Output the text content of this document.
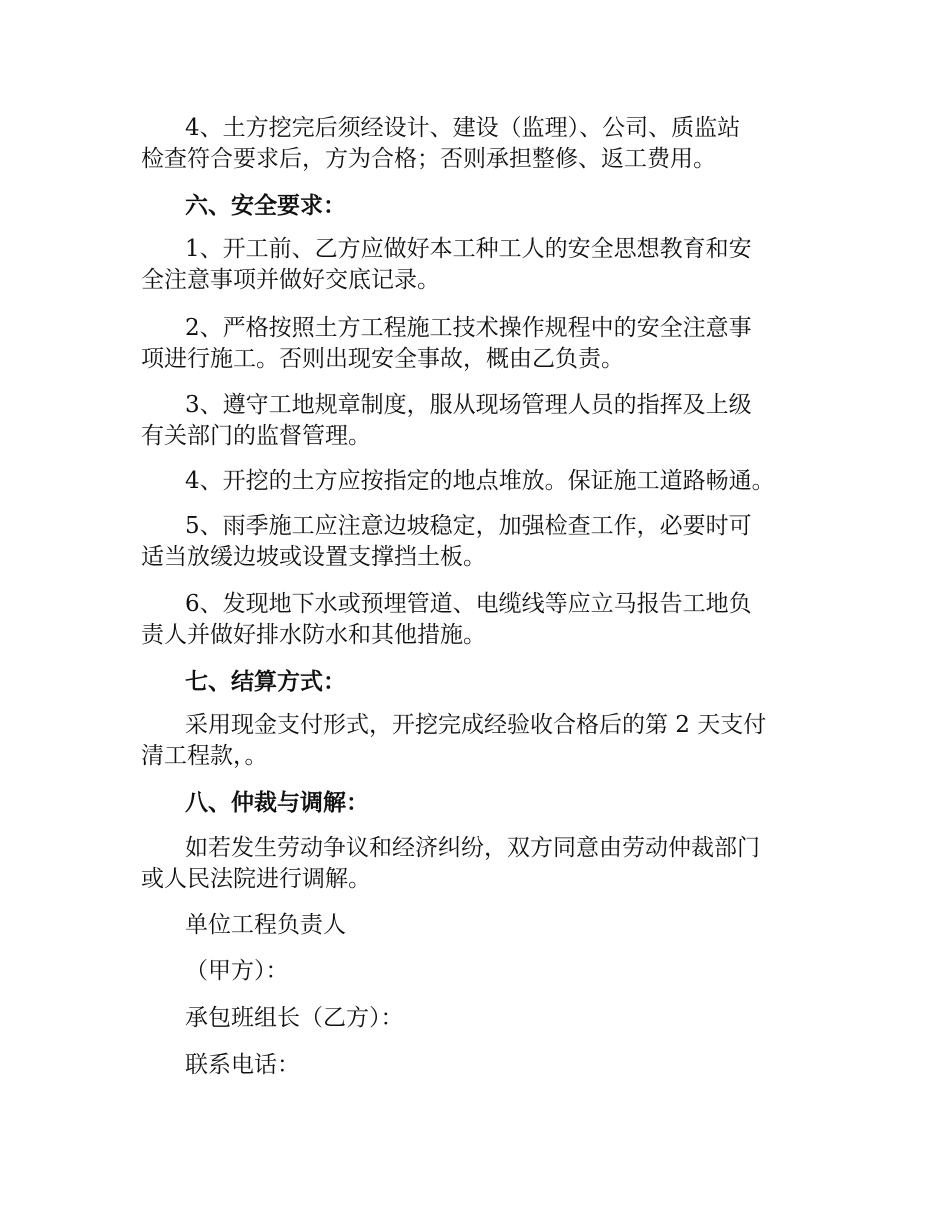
4、土方挖完后须经设计、建设（监理）、公司、质监站
检查符合要求后，方为合格；否则承担整修、返工费用。

六、安全要求：

1、开工前、乙方应做好本工种工人的安全思想教育和安
全注意事项并做好交底记录。

2、严格按照土方工程施工技术操作规程中的安全注意事
项进行施工。否则出现安全事故，概由乙负责。

3、遵守工地规章制度，服从现场管理人员的指挥及上级
有关部门的监督管理。

4、开挖的土方应按指定的地点堆放。保证施工道路畅通。

5、雨季施工应注意边坡稳定，加强检查工作，必要时可
适当放缓边坡或设置支撑挡土板。

6、发现地下水或预埋管道、电缆线等应立马报告工地负
责人并做好排水防水和其他措施。

七、结算方式：

采用现金支付形式，开挖完成经验收合格后的第 2 天支付
清工程款，。

八、仲裁与调解：

如若发生劳动争议和经济纠纷，双方同意由劳动仲裁部门
或人民法院进行调解。

单位工程负责人
（甲方）：
承包班组长（乙方）：
联系电话：
